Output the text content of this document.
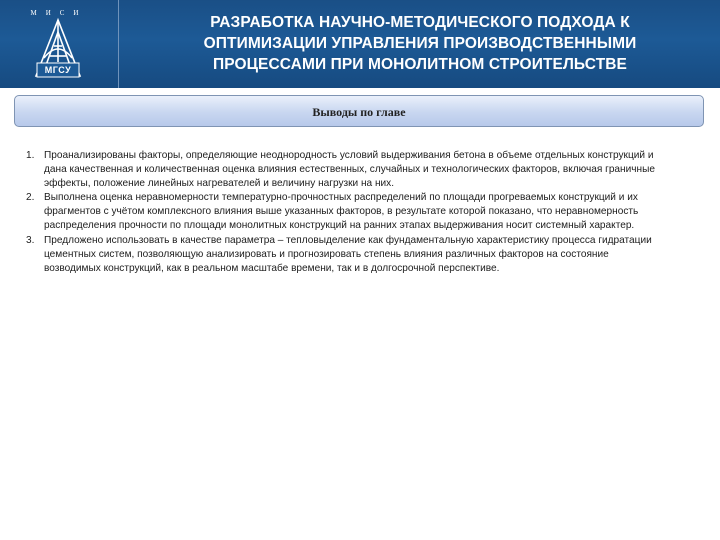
МИСИ
МГСУ
РАЗРАБОТКА НАУЧНО-МЕТОДИЧЕСКОГО ПОДХОДА К
ОПТИМИЗАЦИИ УПРАВЛЕНИЯ ПРОИЗВОДСТВЕННЫМИ
ПРОЦЕССАМИ ПРИ МОНОЛИТНОМ СТРОИТЕЛЬСТВЕ
Выводы по главе
1. Проанализированы факторы, определяющие неоднородность условий выдерживания бетона в объеме отдельных конструкций и дана качественная и количественная оценка влияния естественных, случайных и технологических факторов, включая граничные эффекты, положение линейных нагревателей и величину нагрузки на них.
2. Выполнена оценка неравномерности температурно-прочностных распределений по площади прогреваемых конструкций и их фрагментов с учётом комплексного влияния выше указанных факторов, в результате которой показано, что неравномерность распределения прочности по площади монолитных конструкций на ранних этапах выдерживания носит системный характер.
3. Предложено использовать в качестве параметра – тепловыделение как фундаментальную характеристику процесса гидратации цементных систем, позволяющую анализировать и прогнозировать степень влияния различных факторов на состояние возводимых конструкций, как в реальном масштабе времени, так и в долгосрочной перспективе.
